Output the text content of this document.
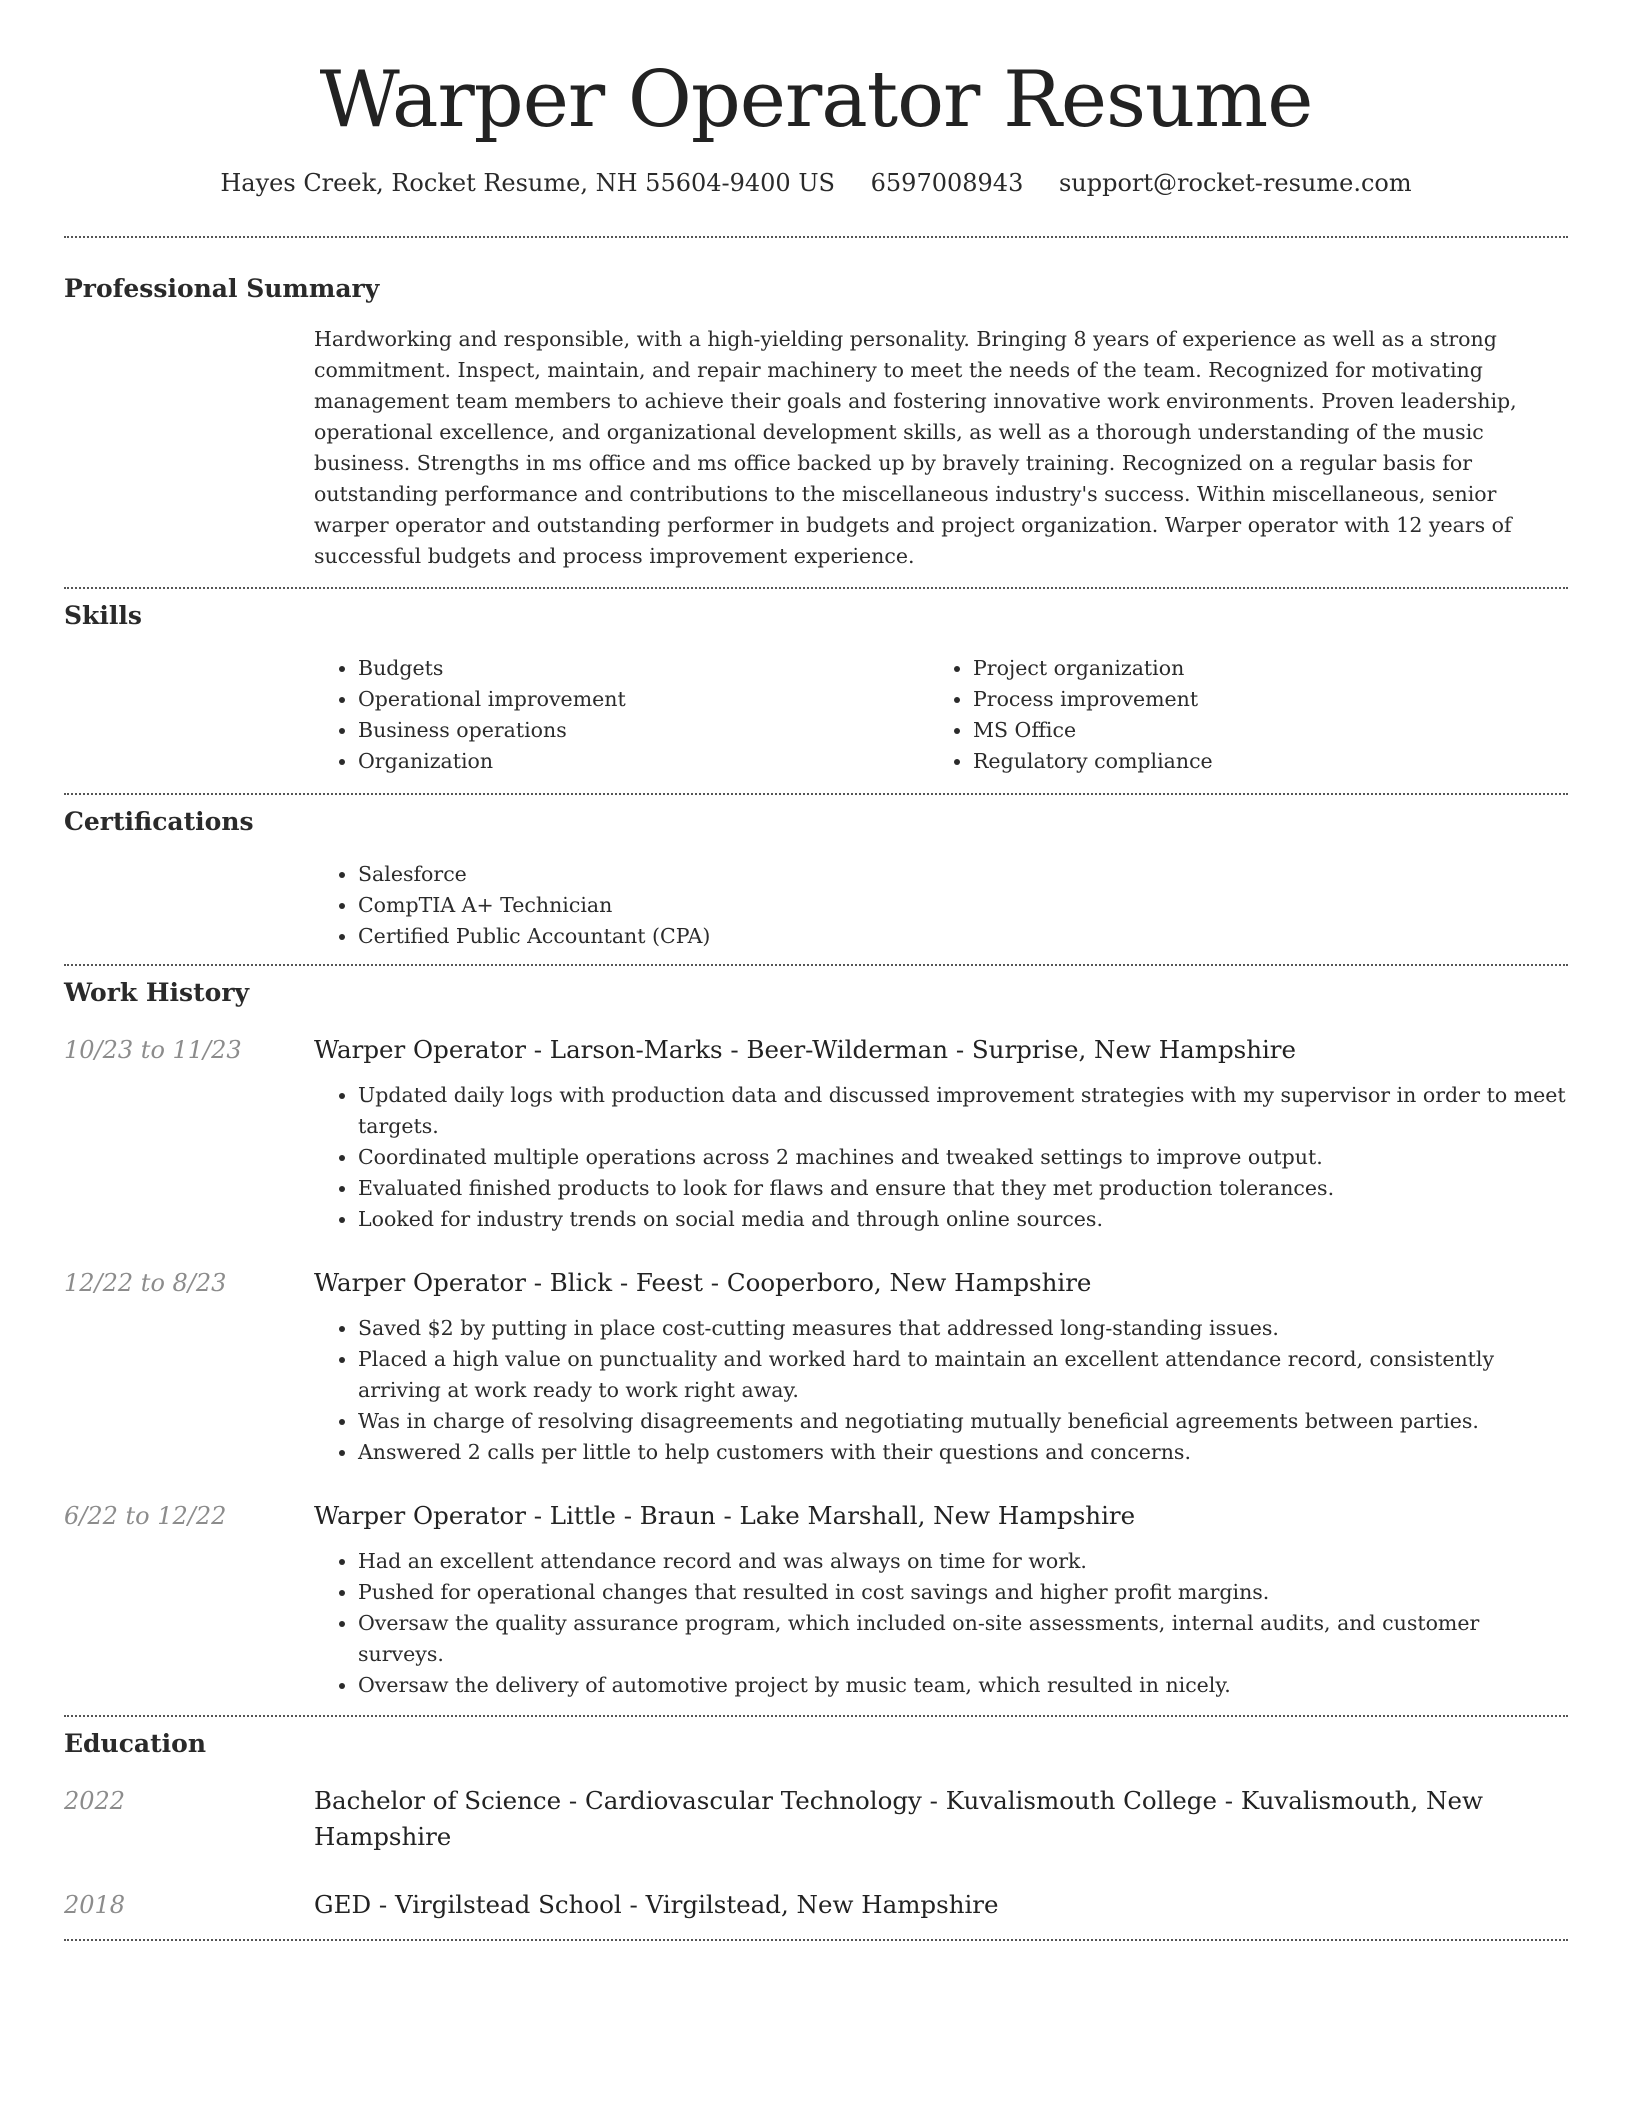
Warper Operator Resume
Hayes Creek, Rocket Resume, NH 55604-9400 US 6597008943 support@rocket-resume.com
Professional Summary
Hardworking and responsible, with a high-yielding personality. Bringing 8 years of experience as well as a strong commitment. Inspect, maintain, and repair machinery to meet the needs of the team. Recognized for motivating management team members to achieve their goals and fostering innovative work environments. Proven leadership, operational excellence, and organizational development skills, as well as a thorough understanding of the music business. Strengths in ms office and ms office backed up by bravely training. Recognized on a regular basis for outstanding performance and contributions to the miscellaneous industry's success. Within miscellaneous, senior warper operator and outstanding performer in budgets and project organization. Warper operator with 12 years of successful budgets and process improvement experience.
Skills
• Budgets
• Operational improvement
• Business operations
• Organization
• Project organization
• Process improvement
• MS Office
• Regulatory compliance
Certifications
• Salesforce
• CompTIA A+ Technician
• Certified Public Accountant (CPA)
Work History
10/23 to 11/23	Warper Operator - Larson-Marks - Beer-Wilderman - Surprise, New Hampshire
• Updated daily logs with production data and discussed improvement strategies with my supervisor in order to meet targets.
• Coordinated multiple operations across 2 machines and tweaked settings to improve output.
• Evaluated finished products to look for flaws and ensure that they met production tolerances.
• Looked for industry trends on social media and through online sources.
12/22 to 8/23	Warper Operator - Blick - Feest - Cooperboro, New Hampshire
• Saved $2 by putting in place cost-cutting measures that addressed long-standing issues.
• Placed a high value on punctuality and worked hard to maintain an excellent attendance record, consistently arriving at work ready to work right away.
• Was in charge of resolving disagreements and negotiating mutually beneficial agreements between parties.
• Answered 2 calls per little to help customers with their questions and concerns.
6/22 to 12/22	Warper Operator - Little - Braun - Lake Marshall, New Hampshire
• Had an excellent attendance record and was always on time for work.
• Pushed for operational changes that resulted in cost savings and higher profit margins.
• Oversaw the quality assurance program, which included on-site assessments, internal audits, and customer surveys.
• Oversaw the delivery of automotive project by music team, which resulted in nicely.
Education
2022	Bachelor of Science - Cardiovascular Technology - Kuvalismouth College - Kuvalismouth, New Hampshire
2018	GED - Virgilstead School - Virgilstead, New Hampshire
